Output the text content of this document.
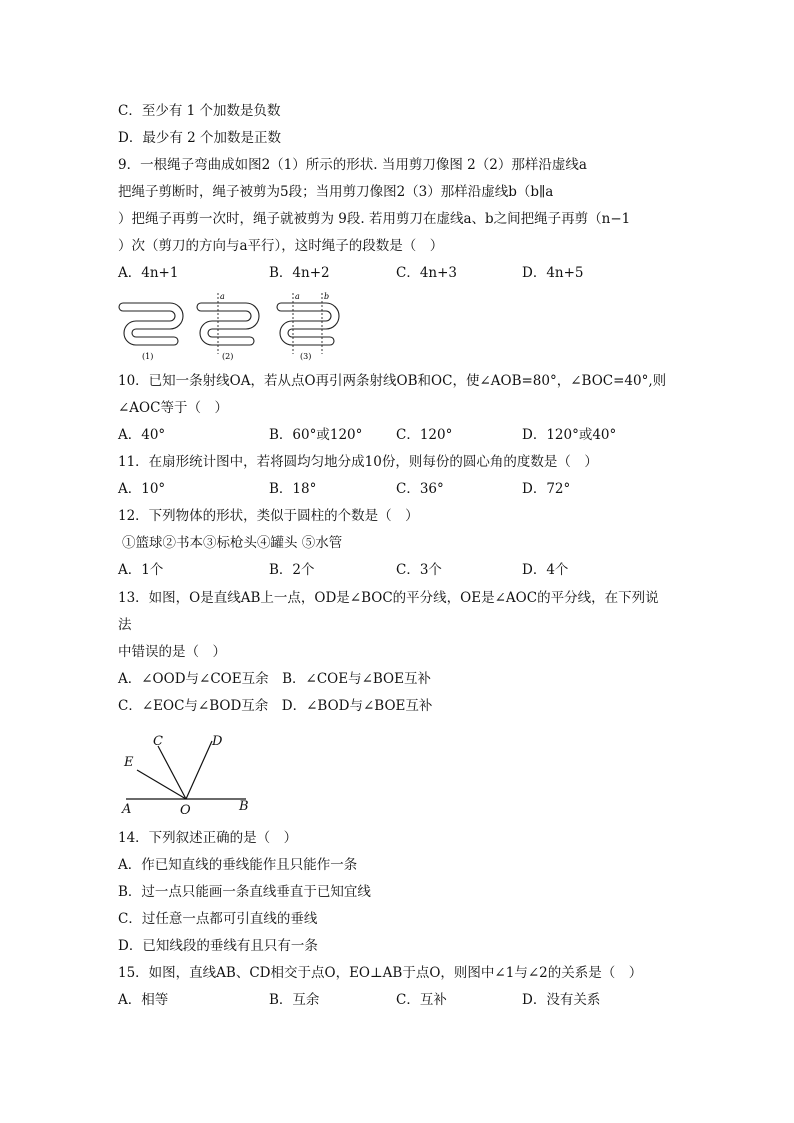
C．至少有 1 个加数是负数
D．最少有 2 个加数是正数
9．一根绳子弯曲成如图2（1）所示的形状. 当用剪刀像图 2（2）那样沿虚线a
把绳子剪断时，绳子被剪为5段；当用剪刀像图2（3）那样沿虚线b（b∥a
）把绳子再剪一次时，绳子就被剪为 9段. 若用剪刀在虚线a、b之间把绳子再剪（n−1
）次（剪刀的方向与a平行），这时绳子的段数是（　）
A．4n+1	B．4n+2	C．4n+3	D．4n+5
a	a	b
(1)	(2)	(3)
10．已知一条射线OA，若从点O再引两条射线OB和OC，使∠AOB=80°，∠BOC=40°,则
∠AOC等于（　）
A．40°	B．60°或120° C．120°	D．120°或40°
11．在扇形统计图中，若将圆均匀地分成10份，则每份的圆心角的度数是（　）
A．10°	B．18°	C．36°	D．72°
12．下列物体的形状，类似于圆柱的个数是（　）
①篮球②书本③标枪头④罐头 ⑤水管
A．1个	B．2个	C．3个	D．4个
13．如图，O是直线AB上一点，OD是∠BOC的平分线，OE是∠AOC的平分线，在下列说
法
中错误的是（　）
A．∠OOD与∠COE互余　B．∠COE与∠BOE互补
C．∠EOC与∠BOD互余　D．∠BOD与∠BOE互补
C	D
E
A	O	B
14．下列叙述正确的是（　）
A．作已知直线的垂线能作且只能作一条
B．过一点只能画一条直线垂直于已知宜线
C．过任意一点都可引直线的垂线
D．已知线段的垂线有且只有一条
15．如图，直线AB、CD相交于点O，EO⊥AB于点O，则图中∠1与∠2的关系是（　）
A．相等	B．互余	C．互补	D．没有关系
